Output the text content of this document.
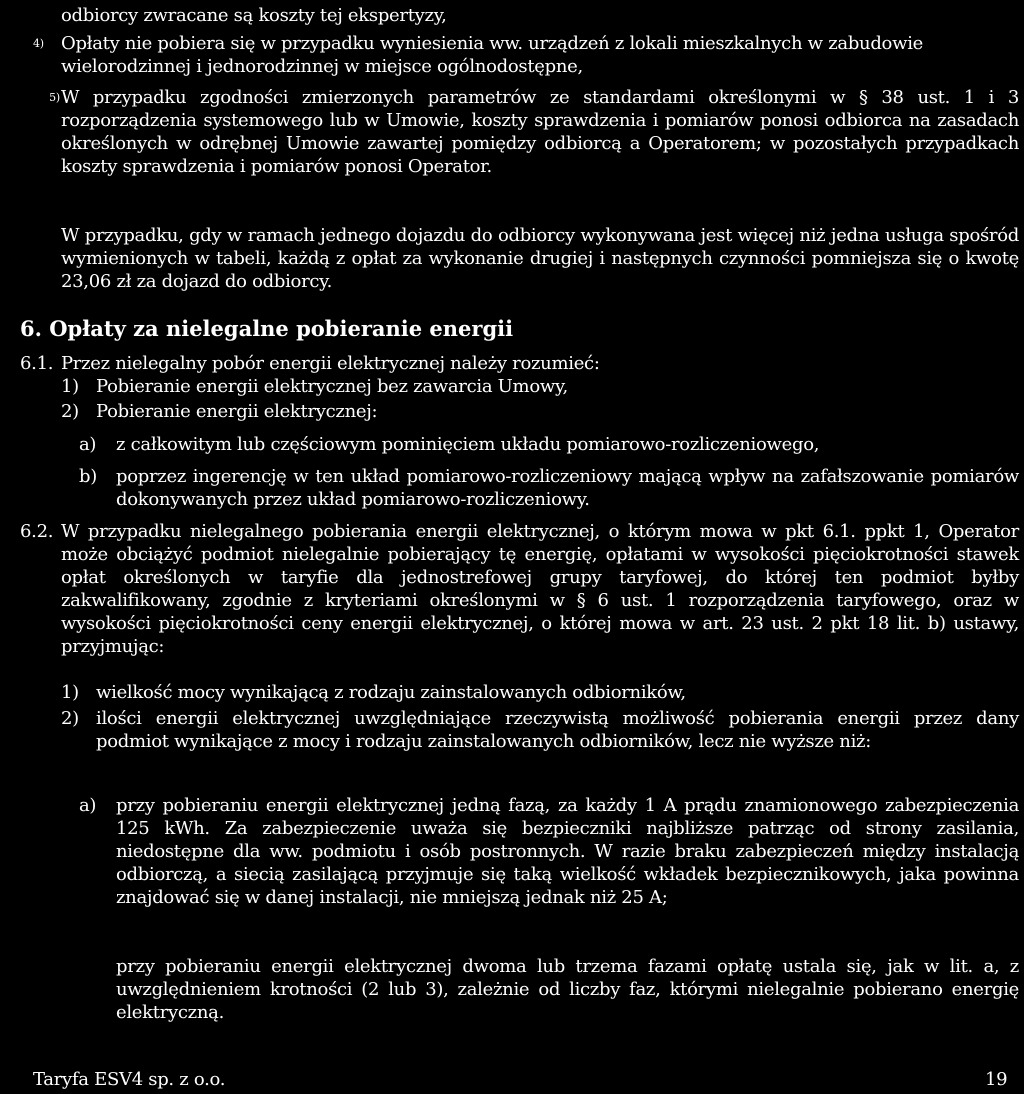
odbiorcy zwracane są koszty tej ekspertyzy,

$_{4)}$ Opłaty nie pobiera się w przypadku wyniesienia ww. urządzeń z lokali mieszkalnych w zabudowie wielorodzinnej i jednorodzinnej w miejsce ogólnodostępne,

$_{5)}$ W przypadku zgodności zmierzonych parametrów ze standardami określonymi w § 38 ust. 1 i 3 rozporządzenia systemowego lub w Umowie, koszty sprawdzenia i pomiarów ponosi odbiorca na zasadach określonych w odrębnej Umowie zawartej pomiędzy odbiorcą a Operatorem; w pozostałych przypadkach koszty sprawdzenia i pomiarów ponosi Operator.

W przypadku, gdy w ramach jednego dojazdu do odbiorcy wykonywana jest więcej niż jedna usługa spośród wymienionych w tabeli, każdą z opłat za wykonanie drugiej i następnych czynności pomniejsza się o kwotę 23,06 zł za dojazd do odbiorcy.

6. Opłaty za nielegalne pobieranie energii
6.1. Przez nielegalny pobór energii elektrycznej należy rozumieć:

1) Pobieranie energii elektrycznej bez zawarcia Umowy,

2) Pobieranie energii elektrycznej:

a) z całkowitym lub częściowym pominięciem układu pomiarowo-rozliczeniowego,

b) poprzez ingerencję w ten układ pomiarowo-rozliczeniowy mającą wpływ na zafałszowanie pomiarów dokonywanych przez układ pomiarowo-rozliczeniowy.

6.2. W przypadku nielegalnego pobierania energii elektrycznej, o którym mowa w pkt 6.1. ppkt 1, Operator może obciążyć podmiot nielegalnie pobierający tę energię, opłatami w wysokości pięciokrotności stawek opłat określonych w taryfie dla jednostrefowej grupy taryfowej, do której ten podmiot byłby zakwalifikowany, zgodnie z kryteriami określonymi w § 6 ust. 1 rozporządzenia taryfowego, oraz w wysokości pięciokrotności ceny energii elektrycznej, o której mowa w art. 23 ust. 2 pkt 18 lit. b) ustawy, przyjmując:

1) wielkość mocy wynikającą z rodzaju zainstalowanych odbiorników,

2) ilości energii elektrycznej uwzględniające rzeczywistą możliwość pobierania energii przez dany podmiot wynikające z mocy i rodzaju zainstalowanych odbiorników, lecz nie wyższe niż:

a) przy pobieraniu energii elektrycznej jedną fazą, za każdy 1 A prądu znamionowego zabezpieczenia 125 kWh. Za zabezpieczenie uważa się bezpieczniki najbliższe patrząc od strony zasilania, niedostępne dla ww. podmiotu i osób postronnych. W razie braku zabezpieczeń między instalacją odbiorczą, a siecią zasilającą przyjmuje się taką wielkość wkładek bezpiecznikowych, jaka powinna znajdować się w danej instalacji, nie mniejszą jednak niż 25 A;

przy pobieraniu energii elektrycznej dwoma lub trzema fazami opłatę ustala się, jak w lit. a, z uwzględnieniem krotności (2 lub 3), zależnie od liczby faz, którymi nielegalnie pobierano energię elektryczną.

Taryfa ESV4 sp. z o.o.	19
